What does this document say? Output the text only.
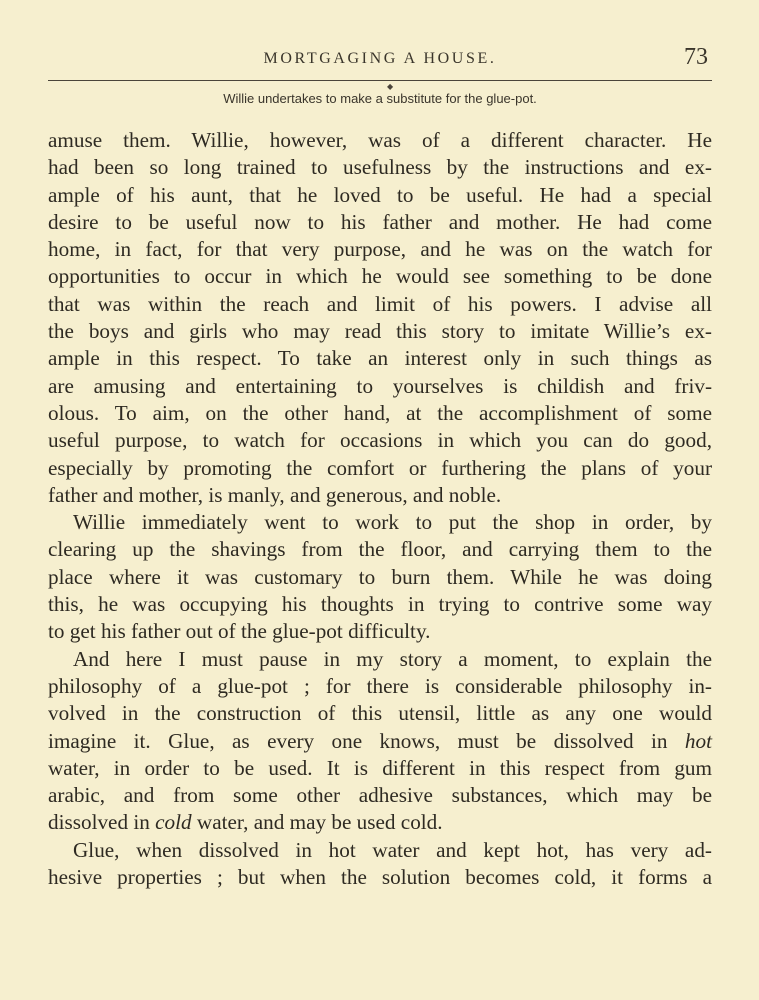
MORTGAGING A HOUSE.	73
◆
Willie undertakes to make a substitute for the glue-pot.

amuse them. Willie, however, was of a different character. He
had been so long trained to usefulness by the instructions and ex-
ample of his aunt, that he loved to be useful. He had a special
desire to be useful now to his father and mother. He had come
home, in fact, for that very purpose, and he was on the watch for
opportunities to occur in which he would see something to be done
that was within the reach and limit of his powers. I advise all
the boys and girls who may read this story to imitate Willie’s ex-
ample in this respect. To take an interest only in such things as
are amusing and entertaining to yourselves is childish and friv-
olous. To aim, on the other hand, at the accomplishment of some
useful purpose, to watch for occasions in which you can do good,
especially by promoting the comfort or furthering the plans of your
father and mother, is manly, and generous, and noble.

Willie immediately went to work to put the shop in order, by
clearing up the shavings from the floor, and carrying them to the
place where it was customary to burn them. While he was doing
this, he was occupying his thoughts in trying to contrive some way
to get his father out of the glue-pot difficulty.

And here I must pause in my story a moment, to explain the
philosophy of a glue-pot ; for there is considerable philosophy in-
volved in the construction of this utensil, little as any one would
imagine it. Glue, as every one knows, must be dissolved in hot
water, in order to be used. It is different in this respect from gum
arabic, and from some other adhesive substances, which may be
dissolved in cold water, and may be used cold.
Glue, when dissolved in hot water and kept hot, has very ad-
hesive properties ; but when the solution becomes cold, it forms a
